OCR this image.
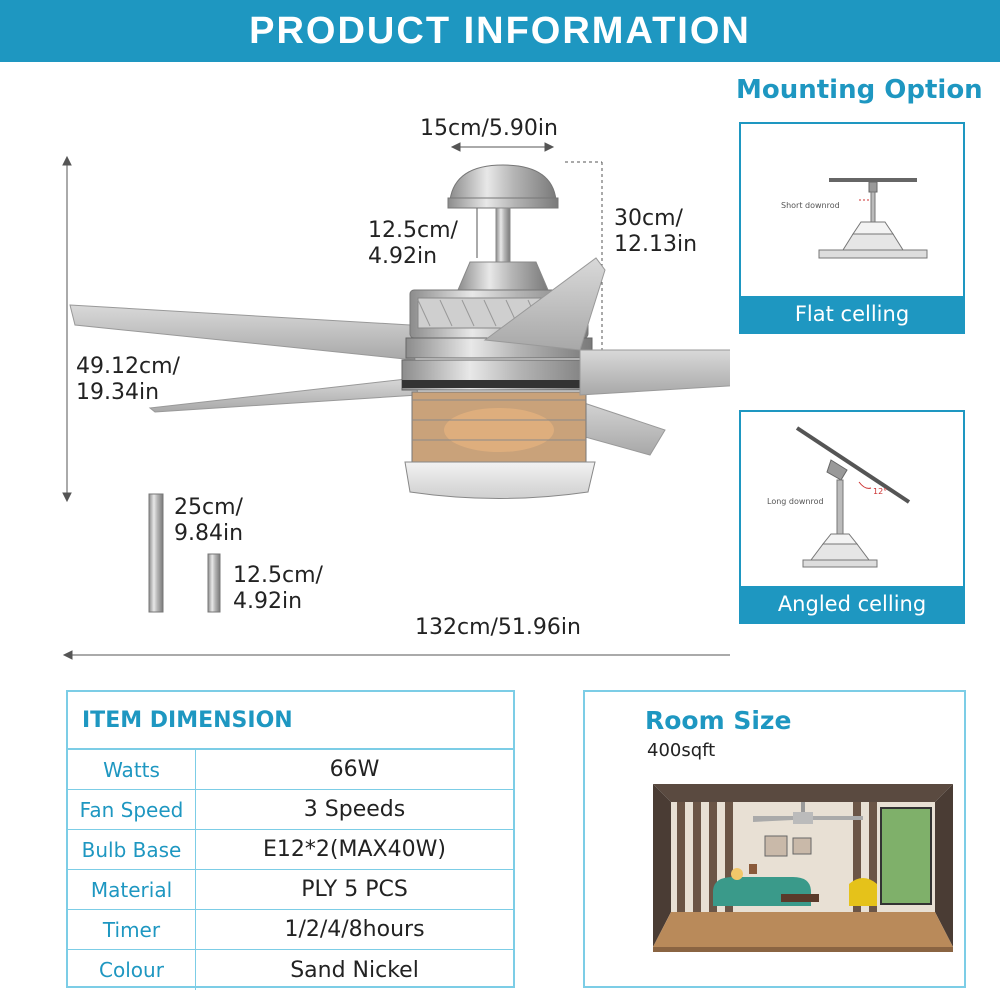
PRODUCT INFORMATION
15cm/5.90in
12.5cm/
4.92in
30cm/
12.13in
49.12cm/
19.34in
25cm/
9.84in
12.5cm/
4.92in
132cm/51.96in
Mounting Option
Short downrod
Flat celling
12°
Long downrod
Angled celling
ITEM DIMENSION
Watts	66W
Fan Speed	3 Speeds
Bulb Base	E12*2(MAX40W)
Material	PLY 5 PCS
Timer	1/2/4/8hours
Colour	Sand Nickel
Room Size
400sqft
